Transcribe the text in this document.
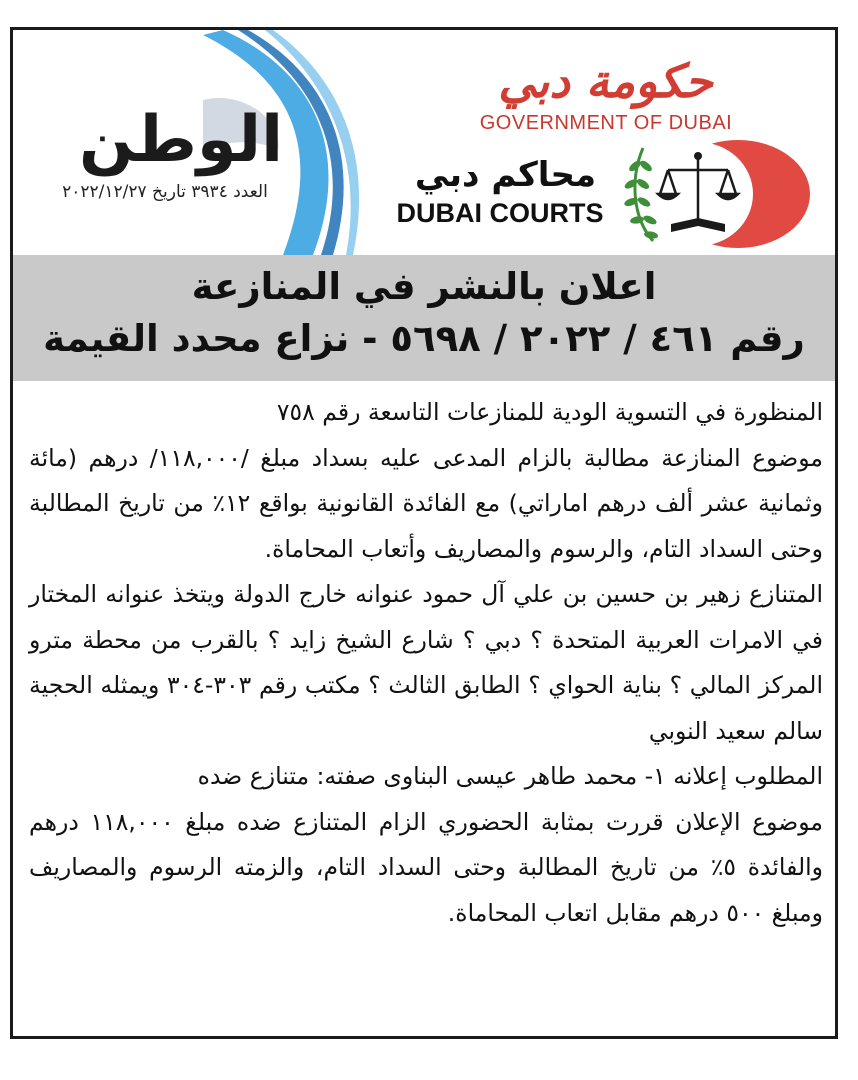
الوطن
العدد ٣٩٣٤ تاريخ ٢٠٢٢/١٢/٢٧
حكومة دبي
GOVERNMENT OF DUBAI
محاكم دبي
DUBAI COURTS
اعلان بالنشر في المنازعة
رقم ٤٦١ / ٢٠٢٢ / ٥٦٩٨ - نزاع محدد القيمة

المنظورة في التسوية الودية للمنازعات التاسعة رقم ٧٥٨

موضوع المنازعة مطالبة بالزام المدعى عليه بسداد مبلغ /١١٨,٠٠٠/ درهم (مائة وثمانية عشر ألف درهم اماراتي) مع الفائدة القانونية بواقع ١٢٪ من تاريخ المطالبة وحتى السداد التام، والرسوم والمصاريف وأتعاب المحاماة.

المتنازع زهير بن حسين بن علي آل حمود عنوانه خارج الدولة ويتخذ عنوانه المختار في الامرات العربية المتحدة ؟ دبي ؟ شارع الشيخ زايد ؟ بالقرب من محطة مترو المركز المالي ؟ بناية الحواي ؟ الطابق الثالث ؟ مكتب رقم ٣٠٣-٣٠٤ ويمثله الحجية سالم سعيد النوبي

المطلوب إعلانه ١- محمد طاهر عيسى البناوى صفته: متنازع ضده

موضوع الإعلان قررت بمثابة الحضوري الزام المتنازع ضده مبلغ ١١٨,٠٠٠ درهم والفائدة ٥٪ من تاريخ المطالبة وحتى السداد التام، والزمته الرسوم والمصاريف ومبلغ ٥٠٠ درهم مقابل اتعاب المحاماة.
